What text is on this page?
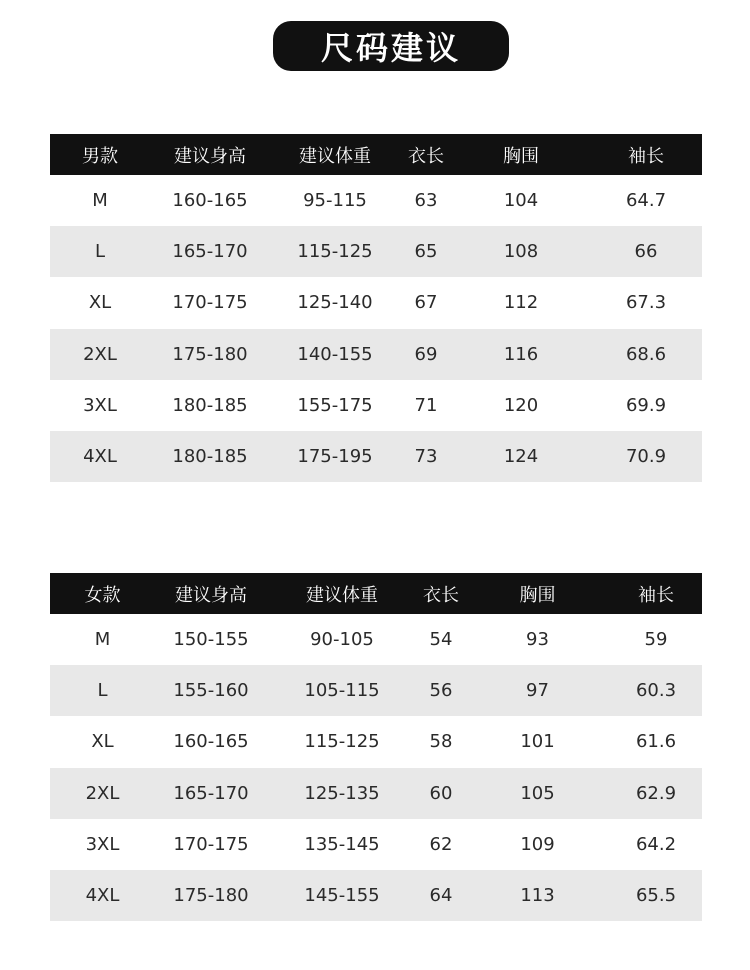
尺码建议
男款	建议身高	建议体重	衣长	胸围	袖长
M	160-165	95-115	63	104	64.7
L	165-170	115-125	65	108	66
XL	170-175	125-140	67	112	67.3
2XL	175-180	140-155	69	116	68.6
3XL	180-185	155-175	71	120	69.9
4XL	180-185	175-195	73	124	70.9
女款	建议身高	建议体重	衣长	胸围	袖长
M	150-155	90-105	54	93	59
L	155-160	105-115	56	97	60.3
XL	160-165	115-125	58	101	61.6
2XL	165-170	125-135	60	105	62.9
3XL	170-175	135-145	62	109	64.2
4XL	175-180	145-155	64	113	65.5
